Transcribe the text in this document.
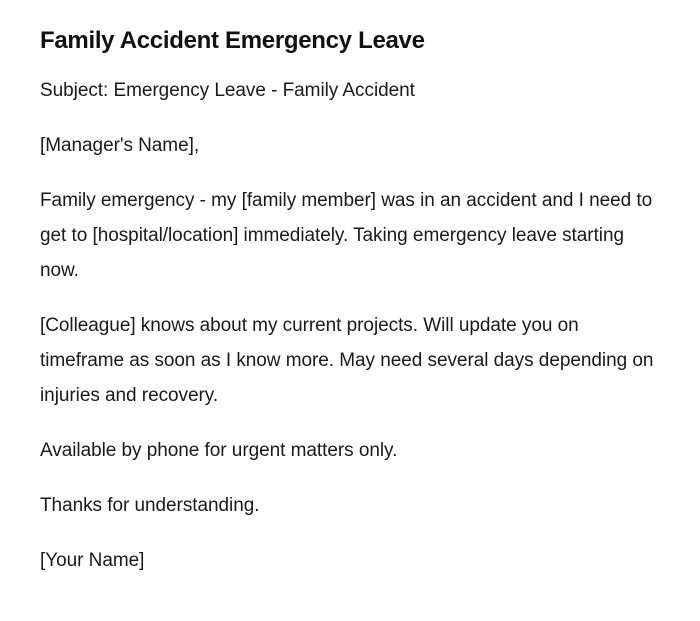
Family Accident Emergency Leave

Subject: Emergency Leave - Family Accident

[Manager's Name],

Family emergency - my [family member] was in an accident and I need to get to [hospital/location] immediately. Taking emergency leave starting now.

[Colleague] knows about my current projects. Will update you on timeframe as soon as I know more. May need several days depending on injuries and recovery.

Available by phone for urgent matters only.

Thanks for understanding.

[Your Name]
